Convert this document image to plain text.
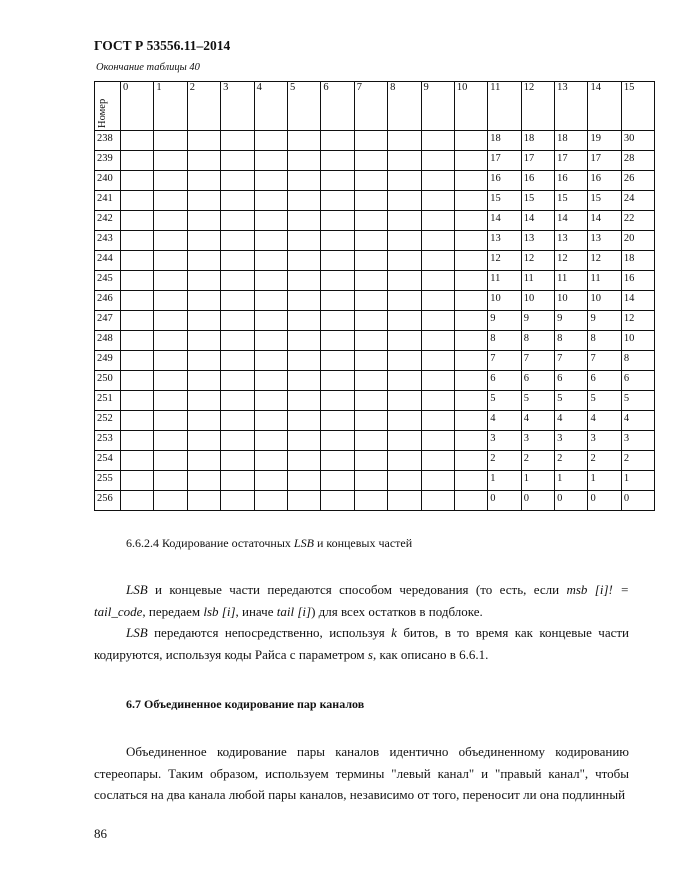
ГОСТ Р 53556.11–2014
Окончание таблицы 40
Номер	0	1	2	3	4	5	6	7	8	9	10	11	12	13	14	15
238												18	18	18	19	30
239												17	17	17	17	28
240												16	16	16	16	26
241												15	15	15	15	24
242												14	14	14	14	22
243												13	13	13	13	20
244												12	12	12	12	18
245												11	11	11	11	16
246												10	10	10	10	14
247												9	9	9	9	12
248												8	8	8	8	10
249												7	7	7	7	8
250												6	6	6	6	6
251												5	5	5	5	5
252												4	4	4	4	4
253												3	3	3	3	3
254												2	2	2	2	2
255												1	1	1	1	1
256												0	0	0	0	0
6.6.2.4 Кодирование остаточных LSB и концевых частей

LSB и концевые части передаются способом чередования (то есть, если msb [i]! = tail_code, передаем lsb [i], иначе tail [i]) для всех остатков в подблоке.

LSB передаются непосредственно, используя k битов, в то время как концевые части кодируются, используя коды Райса с параметром s, как описано в 6.6.1.

6.7 Объединенное кодирование пар каналов

Объединенное кодирование пары каналов идентично объединенному кодированию стереопары. Таким образом, используем термины "левый канал" и "правый канал", чтобы сослаться на два канала любой пары каналов, независимо от того, переносит ли она подлинный

86
